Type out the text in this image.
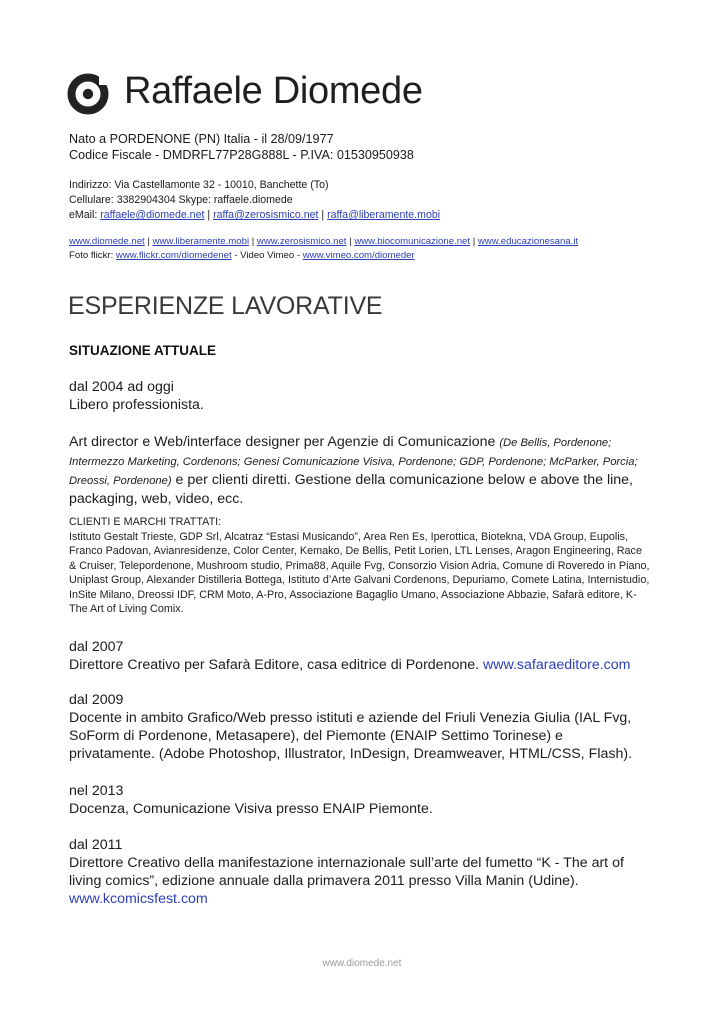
Raffaele Diomede
Nato a PORDENONE (PN) Italia - il 28/09/1977
Codice Fiscale - DMDRFL77P28G888L - P.IVA: 01530950938
Indirizzo: Via Castellamonte 32 - 10010, Banchette (To)
Cellulare: 3382904304 Skype: raffaele.diomede
eMail: raffaele@diomede.net | raffa@zerosismico.net | raffa@liberamente.mobi
www.diomede.net | www.liberamente.mobi | www.zerosismico.net | www.biocomunicazione.net | www.educazionesana.it
Foto flickr: www.flickr.com/diomedenet - Video Vimeo - www.vimeo.com/diomeder
ESPERIENZE LAVORATIVE
SITUAZIONE ATTUALE
dal 2004 ad oggi
Libero professionista.
Art director e Web/interface designer per Agenzie di Comunicazione (De Bellis, Pordenone; Intermezzo Marketing, Cordenons; Genesi Comunicazione Visiva, Pordenone; GDP, Pordenone; McParker, Porcia; Dreossi, Pordenone) e per clienti diretti. Gestione della comunicazione below e above the line, packaging, web, video, ecc.
CLIENTI E MARCHI TRATTATI:
Istituto Gestalt Trieste, GDP Srl, Alcatraz “Estasi Musicando”, Area Ren Es, Iperottica, Biotekna, VDA Group, Eupolis, Franco Padovan, Avianresidenze, Color Center, Kemako, De Bellis, Petit Lorien, LTL Lenses, Aragon Engineering, Race & Cruiser, Telepordenone, Mushroom studio, Prima88, Aquile Fvg, Consorzio Vision Adria, Comune di Roveredo in Piano, Uniplast Group, Alexander Distilleria Bottega, Istituto d’Arte Galvani Cordenons, Depuriamo, Comete Latina, Internistudio, InSite Milano, Dreossi IDF, CRM Moto, A-Pro, Associazione Bagaglio Umano, Associazione Abbazie, Safarà editore, K-The Art of Living Comix.
dal 2007
Direttore Creativo per Safarà Editore, casa editrice di Pordenone. www.safaraeditore.com
dal 2009
Docente in ambito Grafico/Web presso istituti e aziende del Friuli Venezia Giulia (IAL Fvg, SoForm di Pordenone, Metasapere), del Piemonte (ENAIP Settimo Torinese) e privatamente. (Adobe Photoshop, Illustrator, InDesign, Dreamweaver, HTML/CSS, Flash).
nel 2013
Docenza, Comunicazione Visiva presso ENAIP Piemonte.
dal 2011
Direttore Creativo della manifestazione internazionale sull’arte del fumetto “K - The art of living comics”, edizione annuale dalla primavera 2011 presso Villa Manin (Udine).
www.kcomicsfest.com
www.diomede.net
